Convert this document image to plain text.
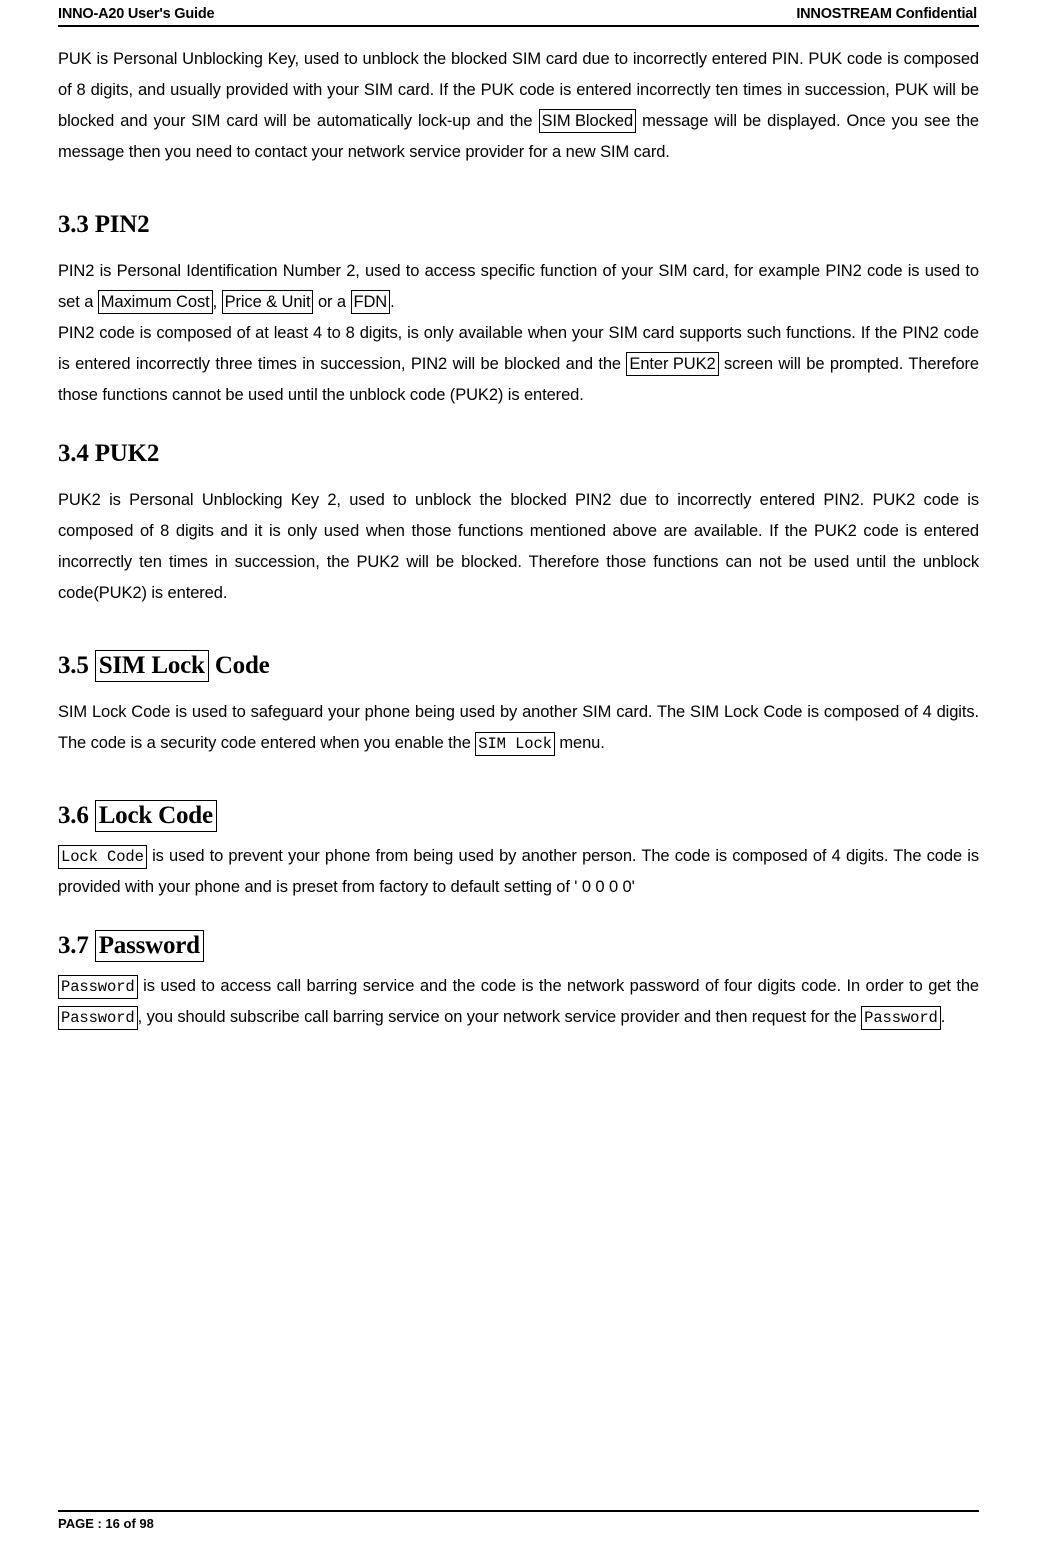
INNO-A20 User's Guide	INNOSTREAM Confidential

PUK is Personal Unblocking Key, used to unblock the blocked SIM card due to incorrectly entered PIN. PUK code is composed of 8 digits, and usually provided with your SIM card. If the PUK code is entered incorrectly ten times in succession, PUK will be blocked and your SIM card will be automatically lock-up and the SIM Blocked message will be displayed. Once you see the message then you need to contact your network service provider for a new SIM card.

3.3 PIN2

PIN2 is Personal Identification Number 2, used to access specific function of your SIM card, for example PIN2 code is used to set a Maximum Cost , Price & Unit or a FDN .

PIN2 code is composed of at least 4 to 8 digits, is only available when your SIM card supports such functions. If the PIN2 code is entered incorrectly three times in succession, PIN2 will be blocked and the Enter PUK2 screen will be prompted. Therefore those functions cannot be used until the unblock code (PUK2) is entered.

3.4 PUK2

PUK2 is Personal Unblocking Key 2, used to unblock the blocked PIN2 due to incorrectly entered PIN2. PUK2 code is composed of 8 digits and it is only used when those functions mentioned above are available. If the PUK2 code is entered incorrectly ten times in succession, the PUK2 will be blocked. Therefore those functions can not be used until the unblock code(PUK2) is entered.

3.5 SIM Lock Code

SIM Lock Code is used to safeguard your phone being used by another SIM card. The SIM Lock Code is composed of 4 digits. The code is a security code entered when you enable the SIM Lock menu.

3.6 Lock Code

Lock Code is used to prevent your phone from being used by another person. The code is composed of 4 digits. The code is provided with your phone and is preset from factory to default setting of ' 0 0 0 0'

3.7 Password

Password is used to access call barring service and the code is the network password of four digits code. In order to get the Password , you should subscribe call barring service on your network service provider and then request for the Password .

PAGE : 16 of 98
